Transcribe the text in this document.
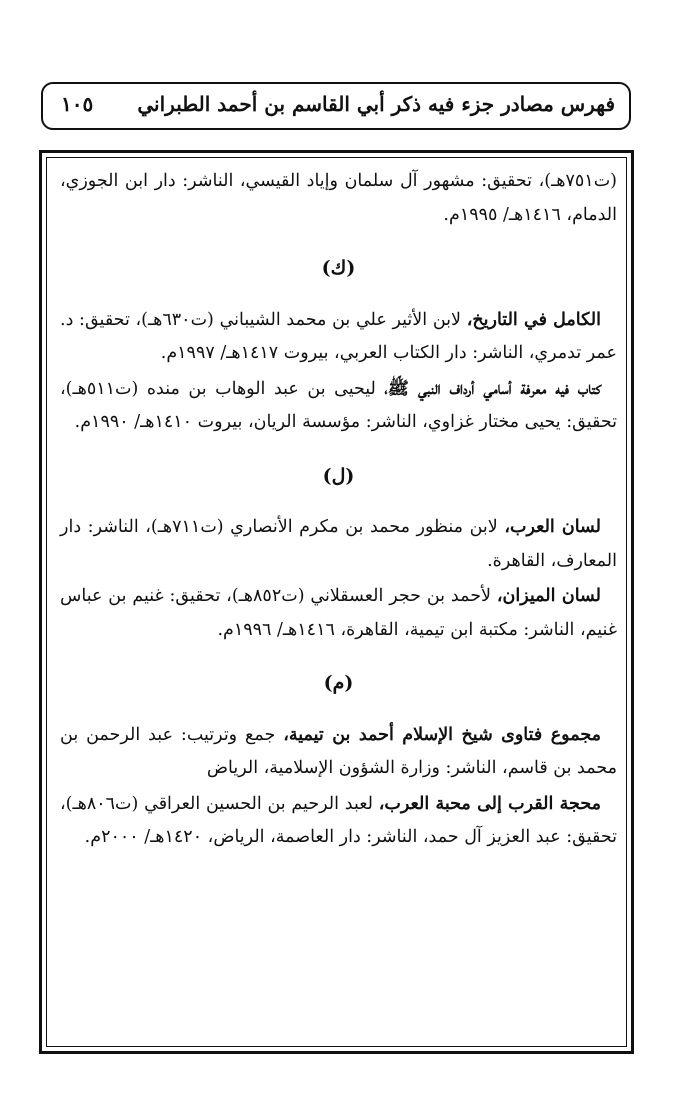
فهرس مصادر جزء فيه ذكر أبي القاسم بن أحمد الطبراني
١٠٥

(ت٧٥١هـ)، تحقيق: مشهور آل سلمان وإياد القيسي، الناشر: دار ابن الجوزي، الدمام، ١٤١٦هـ/ ١٩٩٥م.

(ك)

الكامل في التاريخ، لابن الأثير علي بن محمد الشيباني (ت٦٣٠هـ)، تحقيق: د. عمر تدمري، الناشر: دار الكتاب العربي، بيروت ١٤١٧هـ/ ١٩٩٧م.

كتاب فيه معرفة أسامي أرداف النبي ﷺ، ليحيى بن عبد الوهاب بن منده (ت٥١١هـ)، تحقيق: يحيى مختار غزاوي، الناشر: مؤسسة الريان، بيروت ١٤١٠هـ/ ١٩٩٠م.

(ل)

لسان العرب، لابن منظور محمد بن مكرم الأنصاري (ت٧١١هـ)، الناشر: دار المعارف، القاهرة.

لسان الميزان، لأحمد بن حجر العسقلاني (ت٨٥٢هـ)، تحقيق: غنيم بن عباس غنيم، الناشر: مكتبة ابن تيمية، القاهرة، ١٤١٦هـ/ ١٩٩٦م.

(م)

مجموع فتاوى شيخ الإسلام أحمد بن تيمية، جمع وترتيب: عبد الرحمن بن محمد بن قاسم، الناشر: وزارة الشؤون الإسلامية، الرياض

محجة القرب إلى محبة العرب، لعبد الرحيم بن الحسين العراقي (ت٨٠٦هـ)، تحقيق: عبد العزيز آل حمد، الناشر: دار العاصمة، الرياض، ١٤٢٠هـ/ ٢٠٠٠م.
